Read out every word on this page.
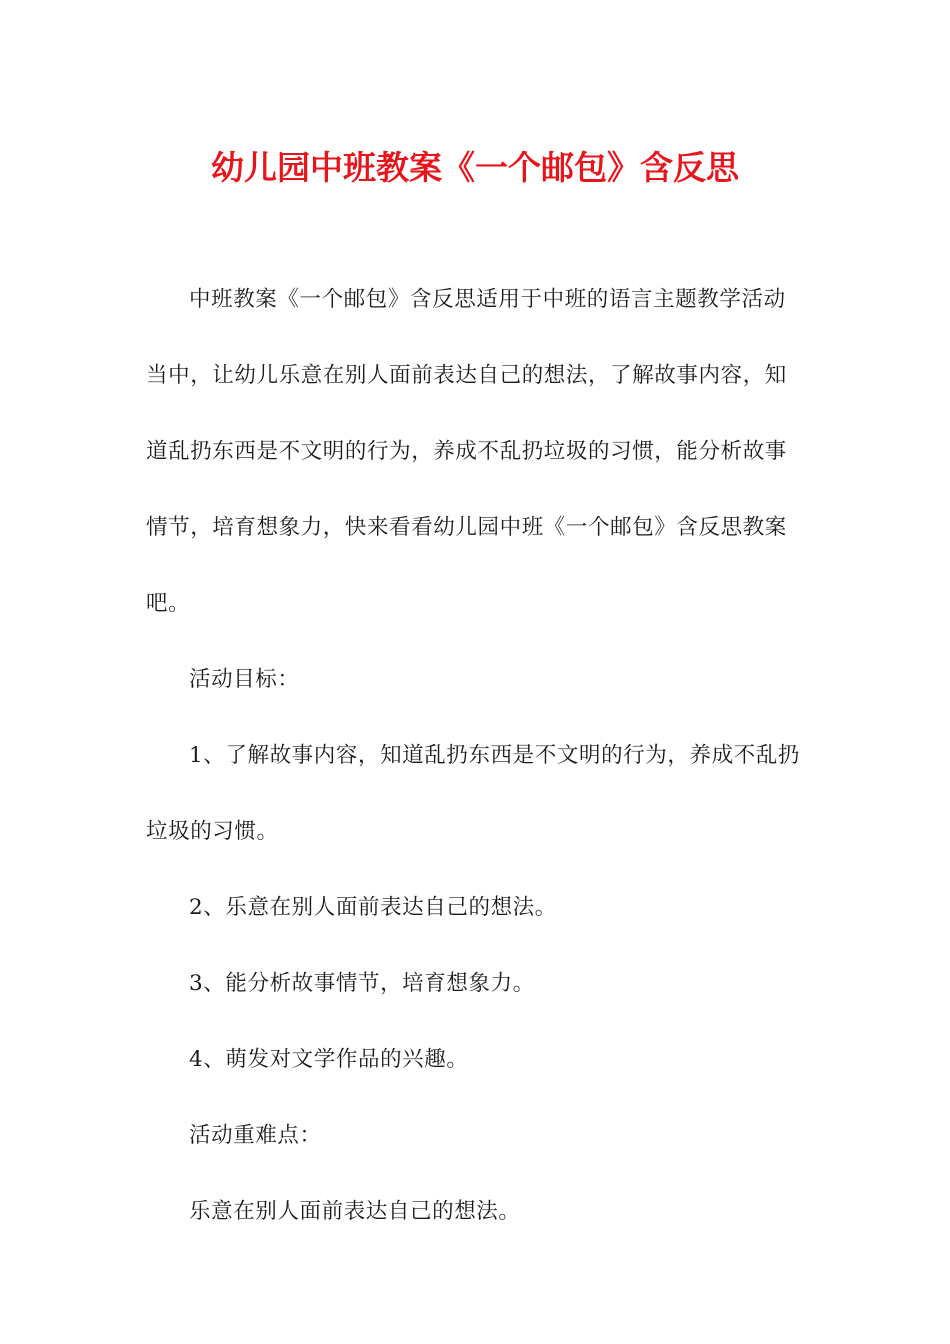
幼儿园中班教案《一个邮包》含反思
中班教案《一个邮包》含反思适用于中班的语言主题教学活动
当中，让幼儿乐意在别人面前表达自己的想法，了解故事内容，知
道乱扔东西是不文明的行为，养成不乱扔垃圾的习惯，能分析故事
情节，培育想象力，快来看看幼儿园中班《一个邮包》含反思教案
吧。
活动目标：
1、了解故事内容，知道乱扔东西是不文明的行为，养成不乱扔
垃圾的习惯。
2、乐意在别人面前表达自己的想法。
3、能分析故事情节，培育想象力。
4、萌发对文学作品的兴趣。
活动重难点：
乐意在别人面前表达自己的想法。
